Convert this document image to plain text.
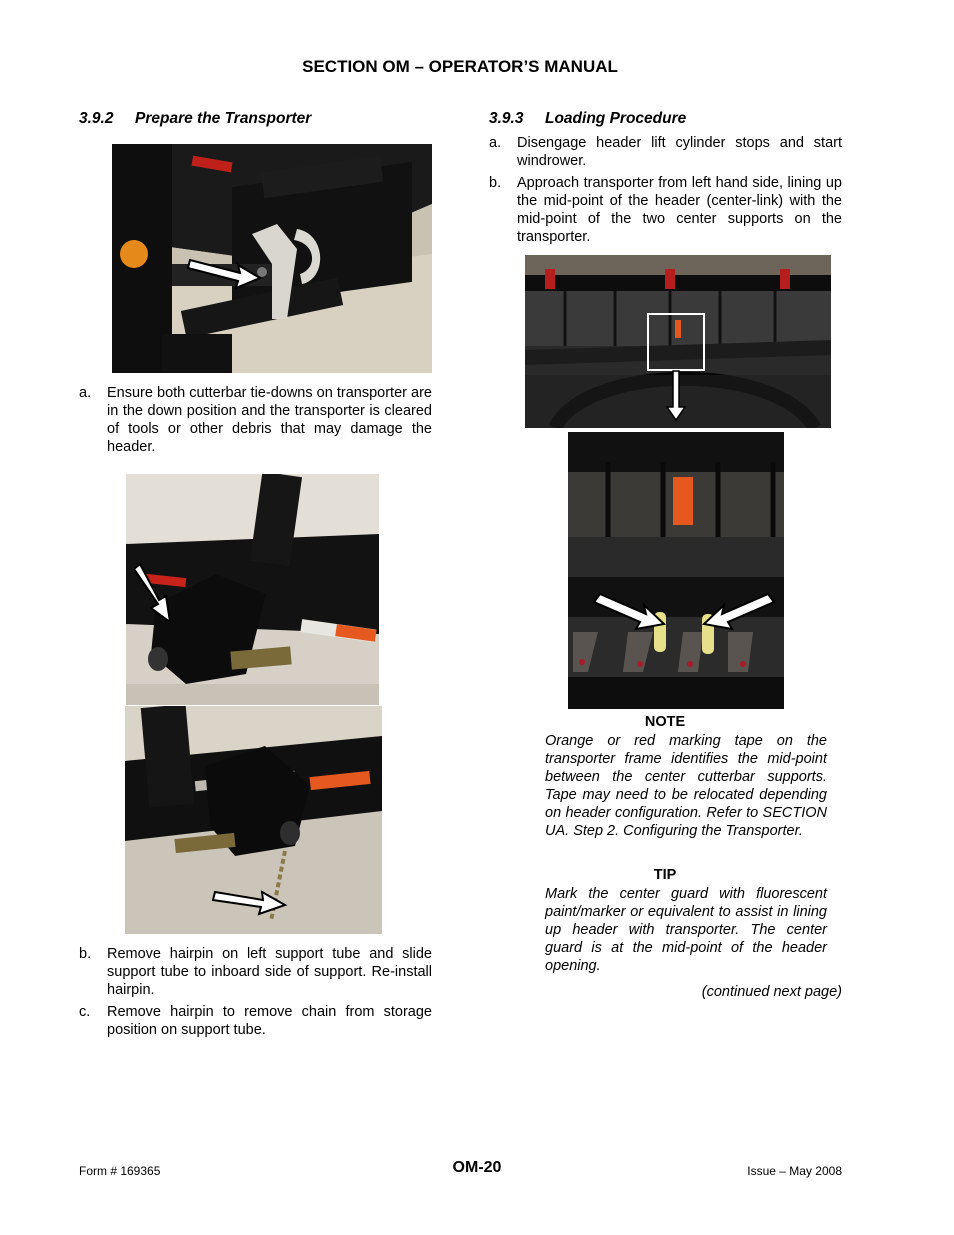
SECTION OM – OPERATOR’S MANUAL
3.9.2 Prepare the Transporter
a. Ensure both cutterbar tie-downs on transporter are in the down position and the transporter is cleared of tools or other debris that may damage the header.
b. Remove hairpin on left support tube and slide support tube to inboard side of support. Re-install hairpin.
c. Remove hairpin to remove chain from storage position on support tube.
3.9.3 Loading Procedure
a. Disengage header lift cylinder stops and start windrower.
b. Approach transporter from left hand side, lining up the mid-point of the header (center-link) with the mid-point of the two center supports on the transporter.
NOTE
Orange or red marking tape on the transporter frame identifies the mid-point between the center cutterbar supports. Tape may need to be relocated depending on header configuration. Refer to SECTION UA. Step 2. Configuring the Transporter.
TIP
Mark the center guard with fluorescent paint/marker or equivalent to assist in lining up header with transporter. The center guard is at the mid-point of the header opening.
(continued next page)
Form # 169365	OM-20	Issue – May 2008
